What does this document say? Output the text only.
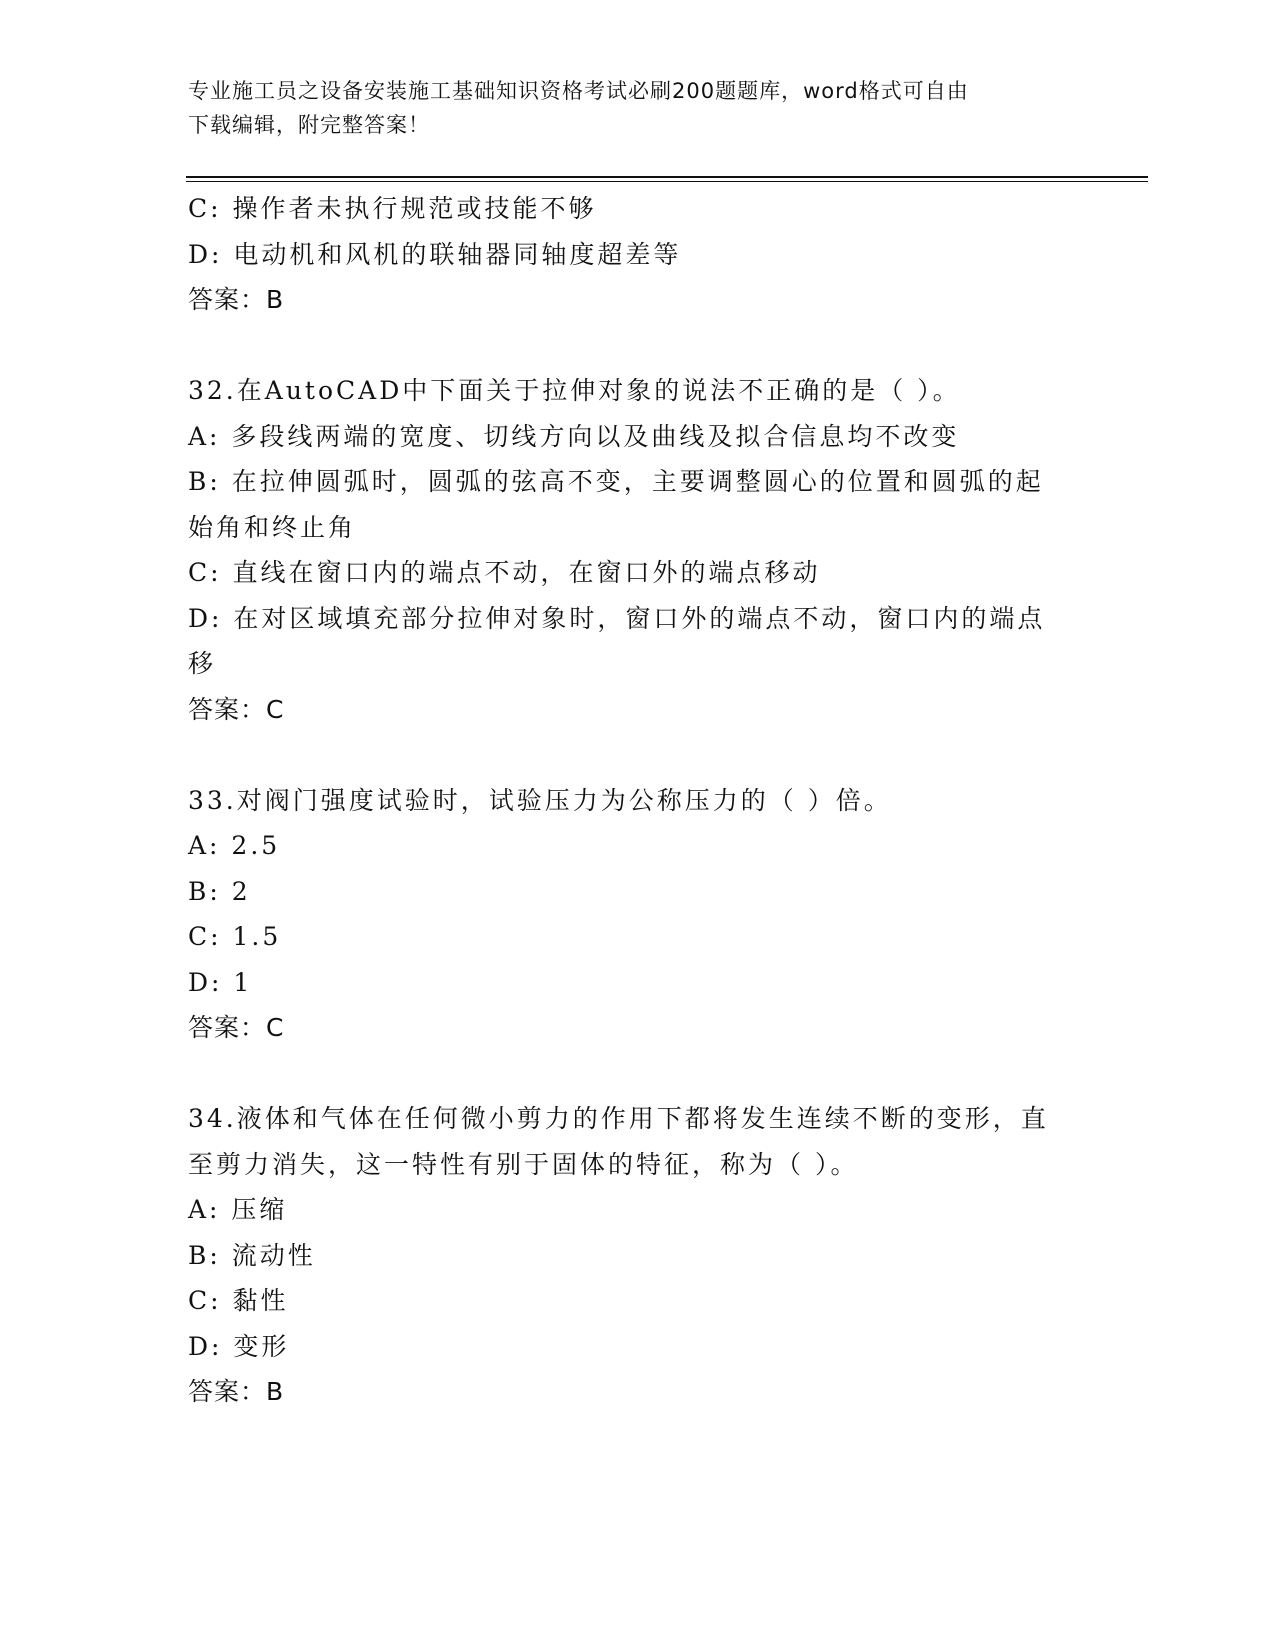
专业施工员之设备安装施工基础知识资格考试必刷200题题库，word格式可自由
下载编辑，附完整答案！

C: 操作者未执行规范或技能不够

D: 电动机和风机的联轴器同轴度超差等

答案：B

32.在AutoCAD中下面关于拉伸对象的说法不正确的是（ ）。

A: 多段线两端的宽度、切线方向以及曲线及拟合信息均不改变

B: 在拉伸圆弧时，圆弧的弦高不变，主要调整圆心的位置和圆弧的起

始角和终止角

C: 直线在窗口内的端点不动，在窗口外的端点移动

D: 在对区域填充部分拉伸对象时，窗口外的端点不动，窗口内的端点

移

答案：C

33.对阀门强度试验时，试验压力为公称压力的（ ）倍。

A: 2.5

B: 2

C: 1.5

D: 1

答案：C

34.液体和气体在任何微小剪力的作用下都将发生连续不断的变形，直

至剪力消失，这一特性有别于固体的特征，称为（ ）。

A: 压缩

B: 流动性

C: 黏性

D: 变形

答案：B
